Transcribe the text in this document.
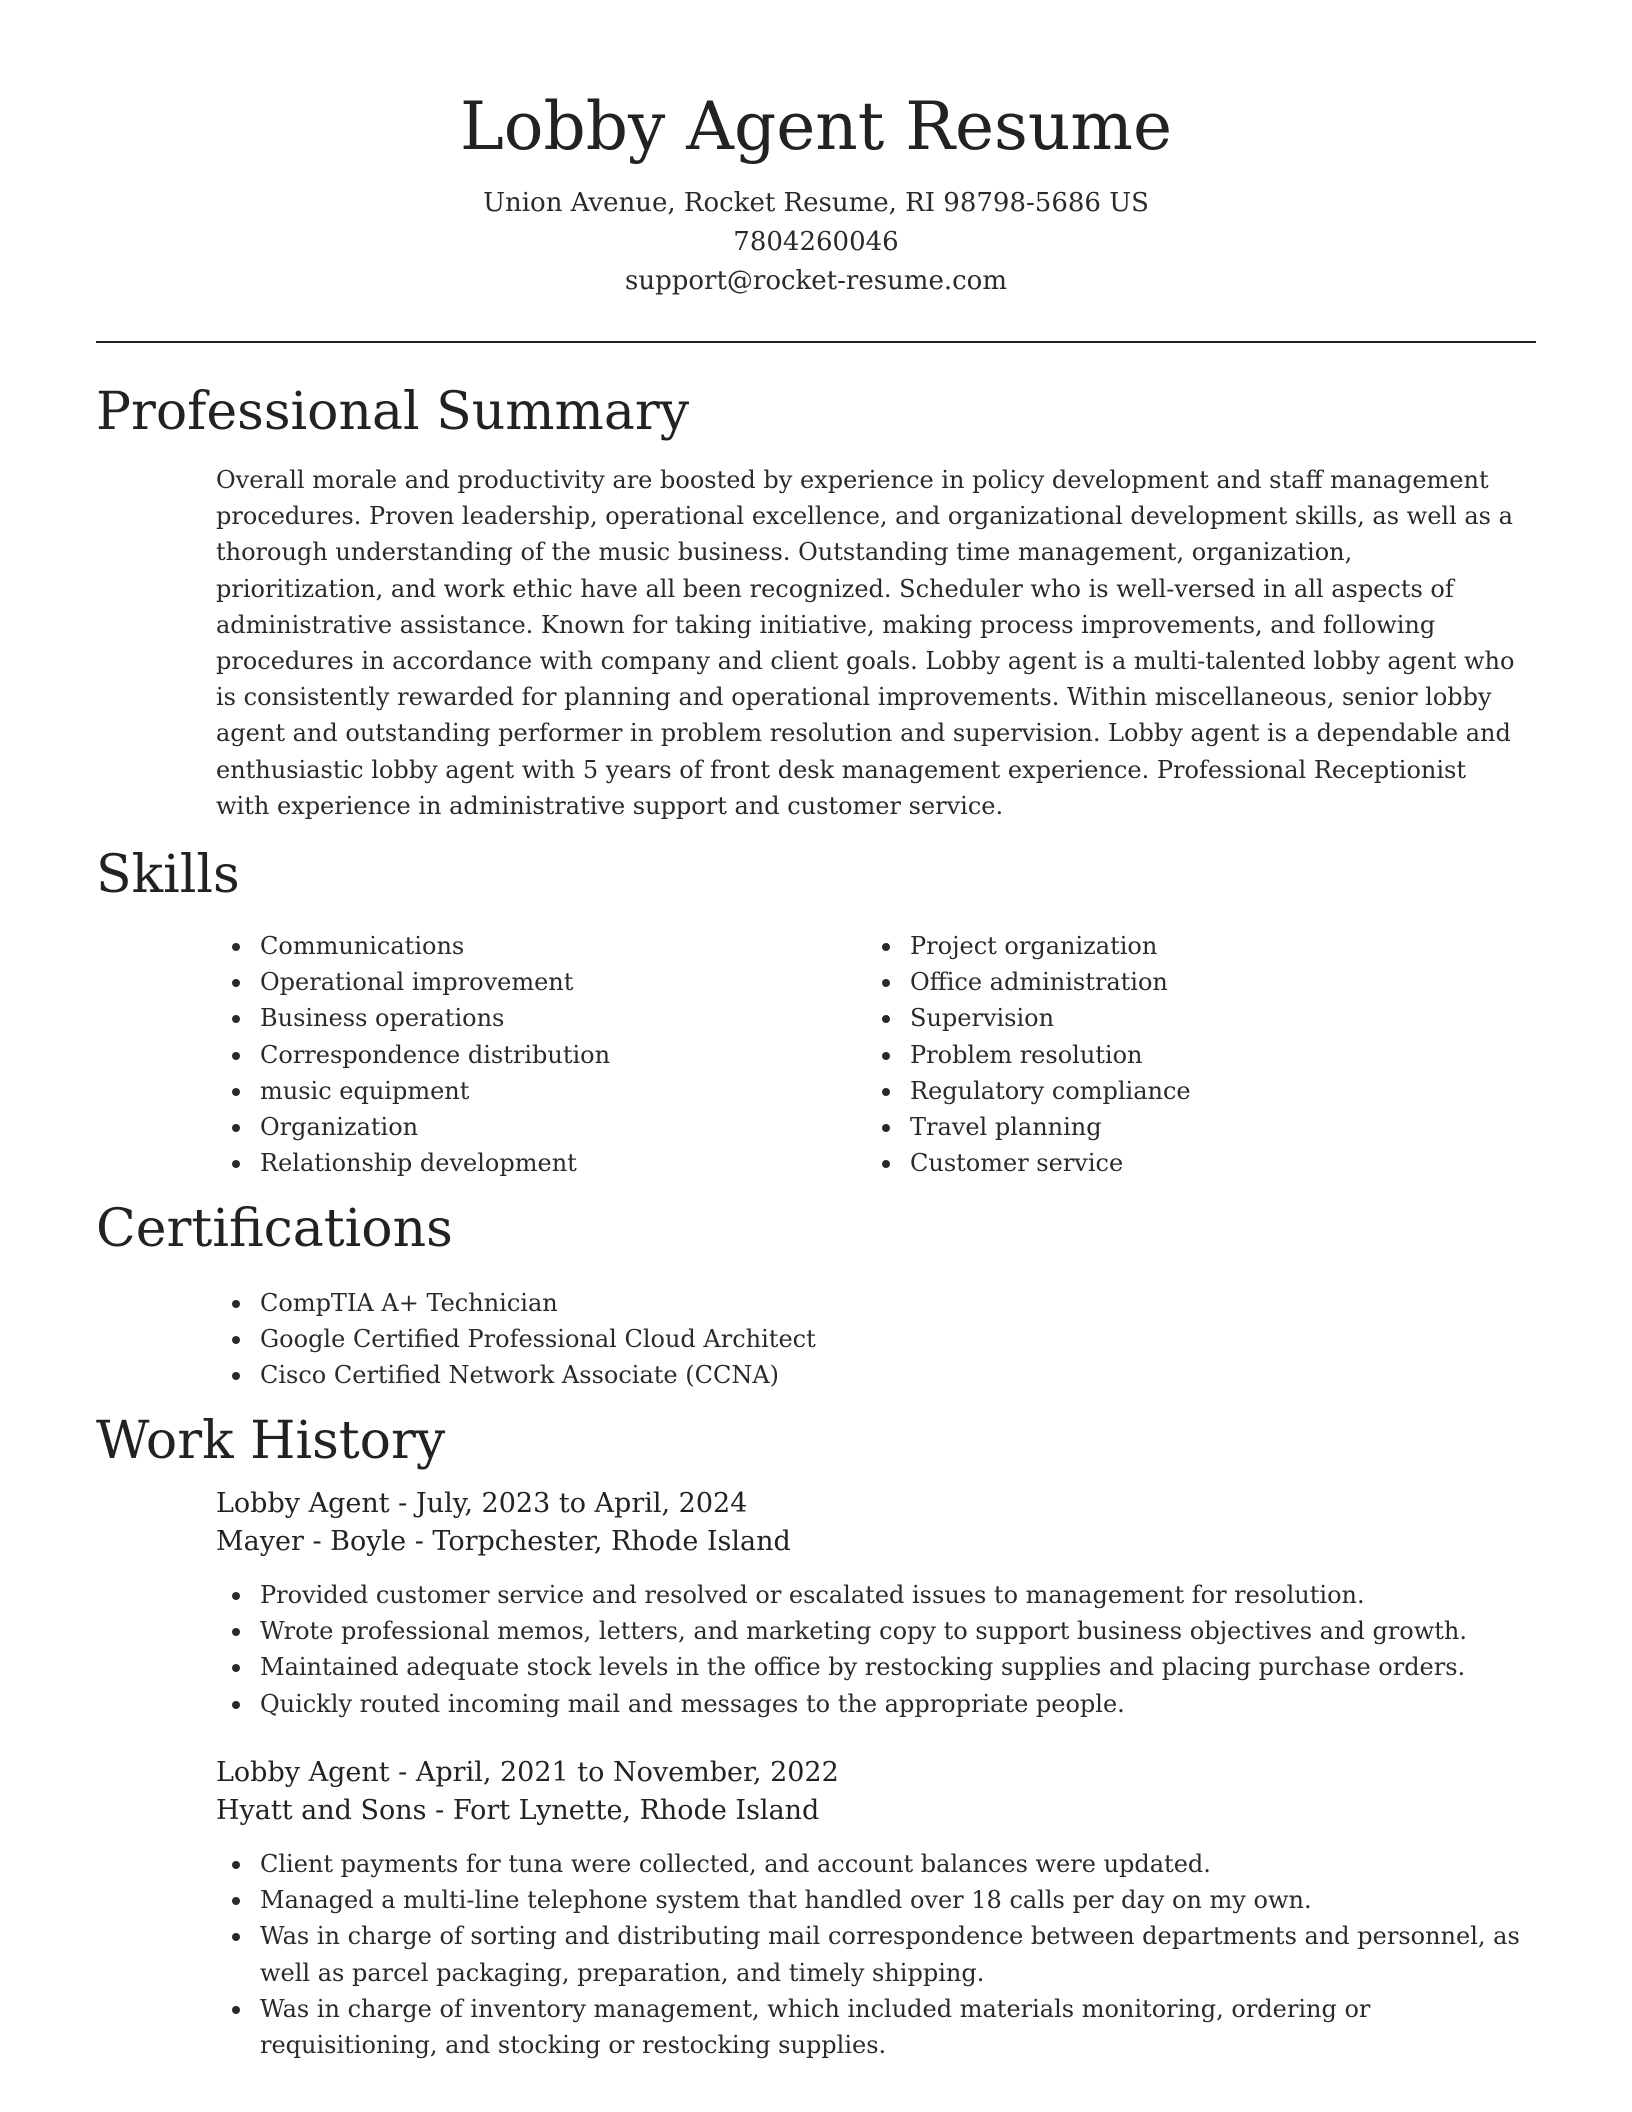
Lobby Agent Resume
Union Avenue, Rocket Resume, RI 98798-5686 US
7804260046
support@rocket-resume.com
Professional Summary

Overall morale and productivity are boosted by experience in policy development and staff management procedures. Proven leadership, operational excellence, and organizational development skills, as well as a thorough understanding of the music business. Outstanding time management, organization, prioritization, and work ethic have all been recognized. Scheduler who is well-versed in all aspects of administrative assistance. Known for taking initiative, making process improvements, and following procedures in accordance with company and client goals. Lobby agent is a multi-talented lobby agent who is consistently rewarded for planning and operational improvements. Within miscellaneous, senior lobby agent and outstanding performer in problem resolution and supervision. Lobby agent is a dependable and enthusiastic lobby agent with 5 years of front desk management experience. Professional Receptionist with experience in administrative support and customer service.

Skills
Communications
Operational improvement
Business operations
Correspondence distribution
music equipment
Organization
Relationship development
Project organization
Office administration
Supervision
Problem resolution
Regulatory compliance
Travel planning
Customer service
Certifications
CompTIA A+ Technician
Google Certified Professional Cloud Architect
Cisco Certified Network Associate (CCNA)
Work History
Lobby Agent - July, 2023 to April, 2024
Mayer - Boyle - Torpchester, Rhode Island
Provided customer service and resolved or escalated issues to management for resolution.
Wrote professional memos, letters, and marketing copy to support business objectives and growth.
Maintained adequate stock levels in the office by restocking supplies and placing purchase orders.
Quickly routed incoming mail and messages to the appropriate people.
Lobby Agent - April, 2021 to November, 2022
Hyatt and Sons - Fort Lynette, Rhode Island
Client payments for tuna were collected, and account balances were updated.
Managed a multi-line telephone system that handled over 18 calls per day on my own.
Was in charge of sorting and distributing mail correspondence between departments and personnel, as well as parcel packaging, preparation, and timely shipping.
Was in charge of inventory management, which included materials monitoring, ordering or requisitioning, and stocking or restocking supplies.
